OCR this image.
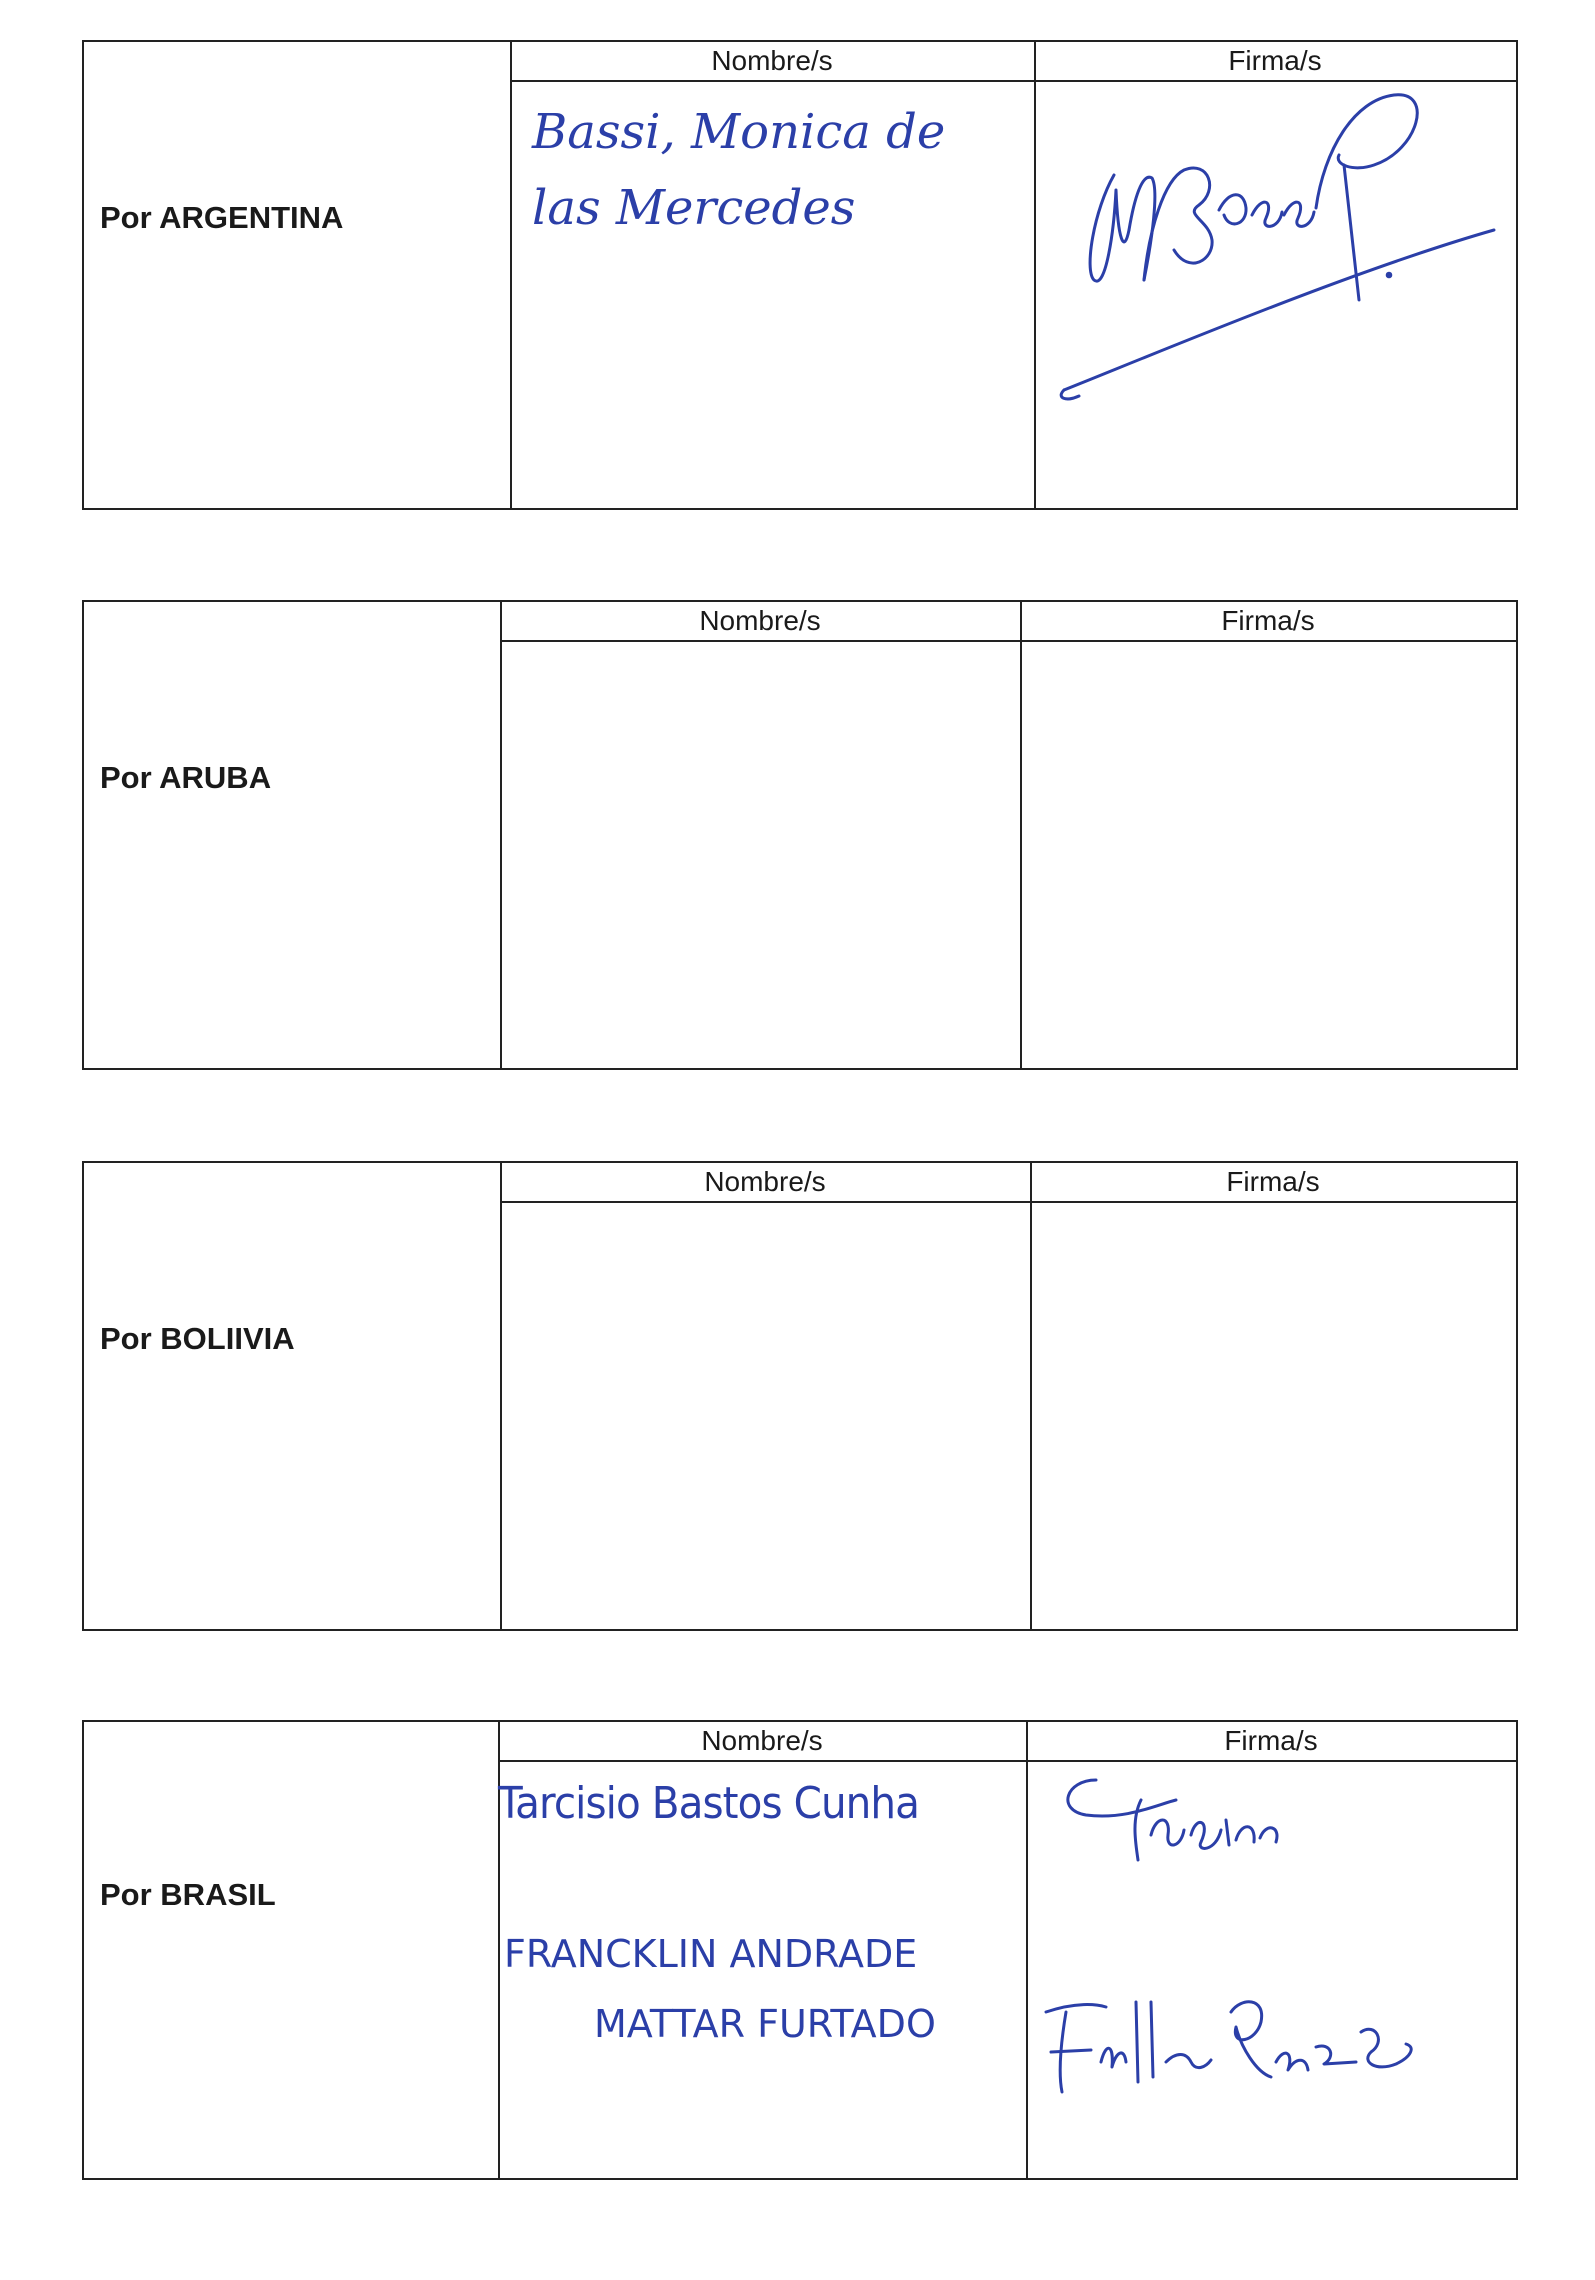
Por ARGENTINA
Nombre/s
Bassi, Monica de
las Mercedes
Firma/s
Por ARUBA
Nombre/s	Firma/s
Por BOLIIVIA
Nombre/s	Firma/s
Por BRASIL
Nombre/s
Tarcisio Bastos Cunha
FRANCKLIN ANDRADE
MATTAR FURTADO
Firma/s
